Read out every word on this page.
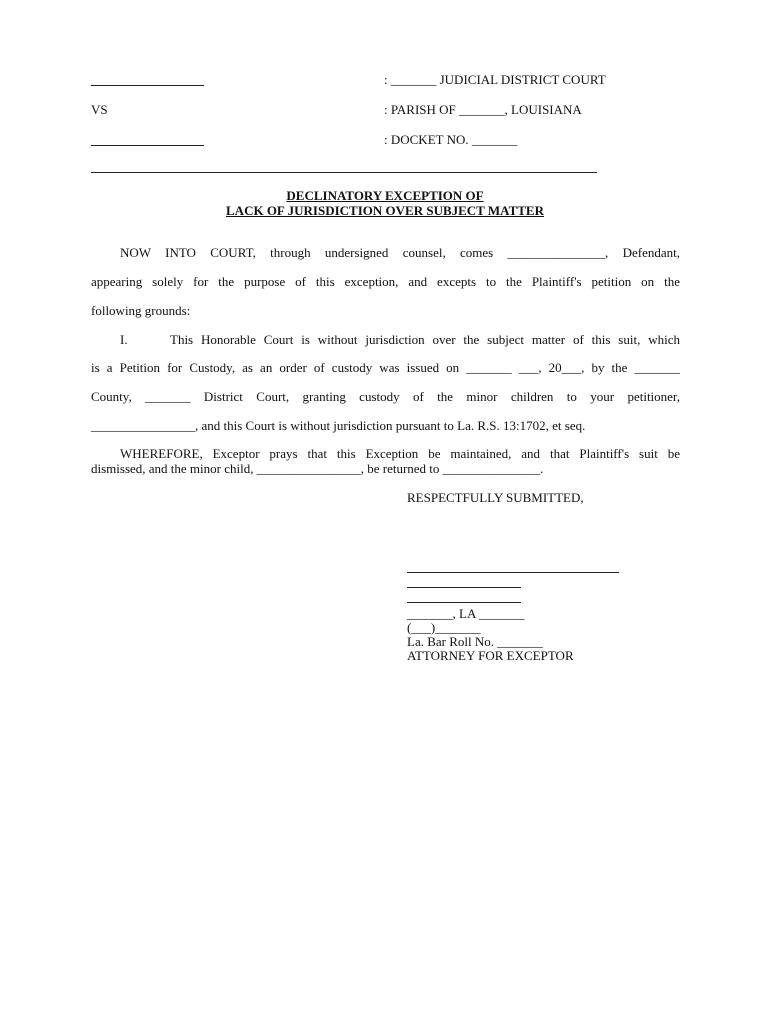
: _______ JUDICIAL DISTRICT COURT
VS	: PARISH OF _______, LOUISIANA
: DOCKET NO. _______
DECLINATORY EXCEPTION OF
LACK OF JURISDICTION OVER SUBJECT MATTER
NOW INTO COURT, through undersigned counsel, comes _______________, Defendant,
appearing solely for the purpose of this exception, and excepts to the Plaintiff's petition on the
following grounds:
I.	This Honorable Court is without jurisdiction over the subject matter of this suit, which
is a Petition for Custody, as an order of custody was issued on _______ ___, 20___, by the _______
County, _______ District Court, granting custody of the minor children to your petitioner,
________________, and this Court is without jurisdiction pursuant to La. R.S. 13:1702, et seq.
WHEREFORE, Exceptor prays that this Exception be maintained, and that Plaintiff's suit be
dismissed, and the minor child, ________________, be returned to _______________.
RESPECTFULLY SUBMITTED,
_______, LA _______
(___)_______
La. Bar Roll No. _______
ATTORNEY FOR EXCEPTOR
